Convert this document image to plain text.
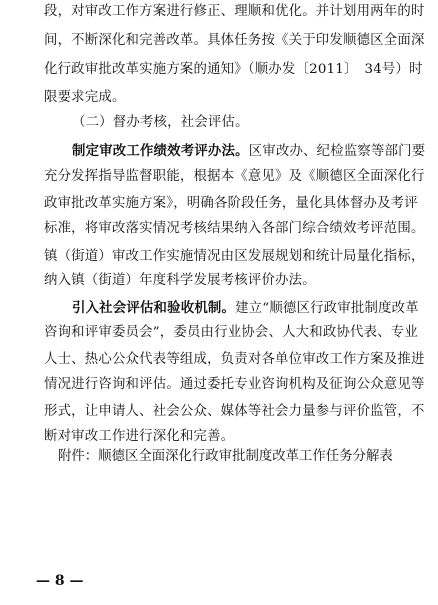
段，对审改工作方案进行修正、理顺和优化。并计划用两年的时
间，不断深化和完善改革。具体任务按《关于印发顺德区全面深
化行政审批改革实施方案的通知》（顺办发〔2011〕　34号）时
限要求完成。
（二）督办考核，社会评估。
制定审改工作绩效考评办法。区审改办、纪检监察等部门要
充分发挥指导监督职能，根据本《意见》及《顺德区全面深化行
政审批改革实施方案》，明确各阶段任务，量化具体督办及考评
标准，将审改落实情况考核结果纳入各部门综合绩效考评范围。
镇（街道）审改工作实施情况由区发展规划和统计局量化指标，
纳入镇（街道）年度科学发展考核评价办法。
引入社会评估和验收机制。建立“顺德区行政审批制度改革
咨询和评审委员会”，委员由行业协会、人大和政协代表、专业
人士、热心公众代表等组成，负责对各单位审改工作方案及推进
情况进行咨询和评估。通过委托专业咨询机构及征询公众意见等
形式，让申请人、社会公众、媒体等社会力量参与评价监管，不
断对审改工作进行深化和完善。
附件：顺德区全面深化行政审批制度改革工作任务分解表
— 8 —
